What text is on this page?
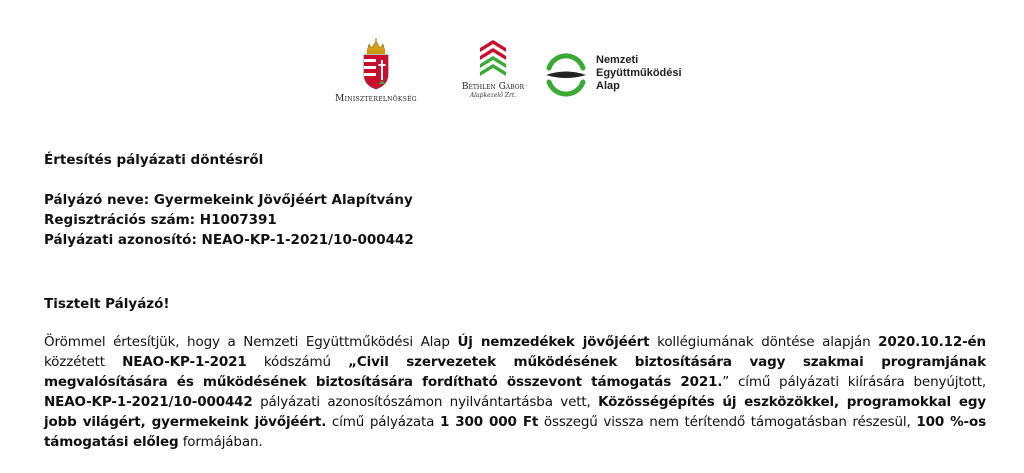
Miniszterelnökség
Bethlen Gábor
Alapkezelő Zrt.
Nemzeti
Együttműködési
Alap
Értesítés pályázati döntésről
Pályázó neve: Gyermekeink Jövőjéért Alapítvány
Regisztrációs szám: H1007391
Pályázati azonosító: NEAO-KP-1-2021/10-000442
Tisztelt Pályázó!
Örömmel értesítjük, hogy a Nemzeti Együttműködési Alap Új nemzedékek jövőjéért kollégiumának döntése alapján 2020.10.12-én közzétett NEAO-KP-1-2021 kódszámú „Civil szervezetek működésének biztosítására vagy szakmai programjának megvalósítására és működésének biztosítására fordítható összevont támogatás 2021.” című pályázati kiírására benyújtott, NEAO-KP-1-2021/10-000442 pályázati azonosítószámon nyilvántartásba vett, Közösségépítés új eszközökkel, programokkal egy jobb világért, gyermekeink jövőjéért. című pályázata 1 300 000 Ft összegű vissza nem térítendő támogatásban részesül, 100 %-os támogatási előleg formájában.
